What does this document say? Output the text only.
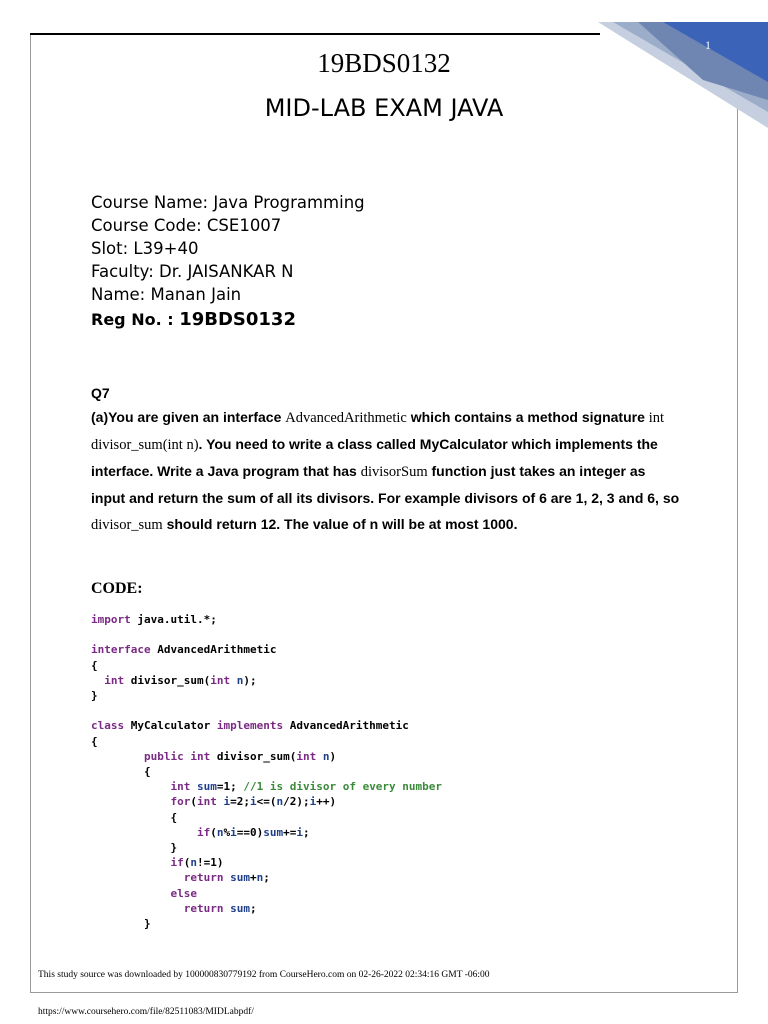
1
19BDS0132
MID-LAB EXAM JAVA
Course Name: Java Programming
Course Code: CSE1007
Slot: L39+40
Faculty: Dr. JAISANKAR N
Name: Manan Jain
Reg No. : 19BDS0132
Q7
(a)You are given an interface AdvancedArithmetic which contains a method signature int divisor_sum(int n). You need to write a class called MyCalculator which implements the interface. Write a Java program that has divisorSum function just takes an integer as input and return the sum of all its divisors. For example divisors of 6 are 1, 2, 3 and 6, so divisor_sum should return 12. The value of n will be at most 1000.
CODE:
import java.util.*;

interface AdvancedArithmetic
{
int divisor_sum(int n);
}

class MyCalculator implements AdvancedArithmetic
{
public int divisor_sum(int n)
{
int sum=1; //1 is divisor of every number
for(int i=2;i<=(n/2);i++)
{
if(n%i==0)sum+=i;
}
if(n!=1)
return sum+n;
else
return sum;
}
This study source was downloaded by 100000830779192 from CourseHero.com on 02-26-2022 02:34:16 GMT -06:00
https://www.coursehero.com/file/82511083/MIDLabpdf/
